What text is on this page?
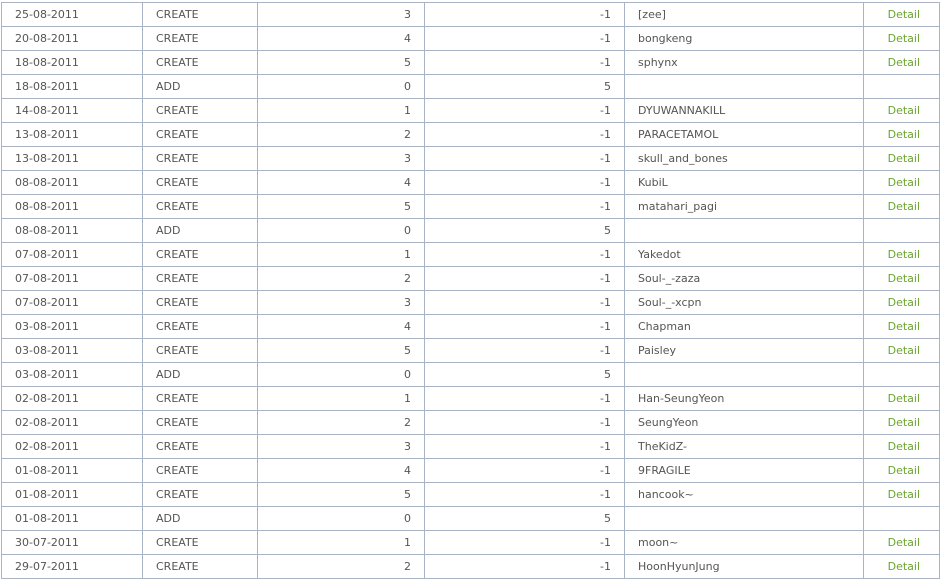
25-08-2011	CREATE	3	-1	[zee]	Detail
20-08-2011	CREATE	4	-1	bongkeng	Detail
18-08-2011	CREATE	5	-1	sphynx	Detail
18-08-2011	ADD	0	5		
14-08-2011	CREATE	1	-1	DYUWANNAKILL	Detail
13-08-2011	CREATE	2	-1	PARACETAMOL	Detail
13-08-2011	CREATE	3	-1	skull_and_bones	Detail
08-08-2011	CREATE	4	-1	KubiL	Detail
08-08-2011	CREATE	5	-1	matahari_pagi	Detail
08-08-2011	ADD	0	5		
07-08-2011	CREATE	1	-1	Yakedot	Detail
07-08-2011	CREATE	2	-1	Soul-_-zaza	Detail
07-08-2011	CREATE	3	-1	Soul-_-xcpn	Detail
03-08-2011	CREATE	4	-1	Chapman	Detail
03-08-2011	CREATE	5	-1	Paisley	Detail
03-08-2011	ADD	0	5		
02-08-2011	CREATE	1	-1	Han-SeungYeon	Detail
02-08-2011	CREATE	2	-1	SeungYeon	Detail
02-08-2011	CREATE	3	-1	TheKidZ-	Detail
01-08-2011	CREATE	4	-1	9FRAGILE	Detail
01-08-2011	CREATE	5	-1	hancook~	Detail
01-08-2011	ADD	0	5		
30-07-2011	CREATE	1	-1	moon~	Detail
29-07-2011	CREATE	2	-1	HoonHyunJung	Detail
